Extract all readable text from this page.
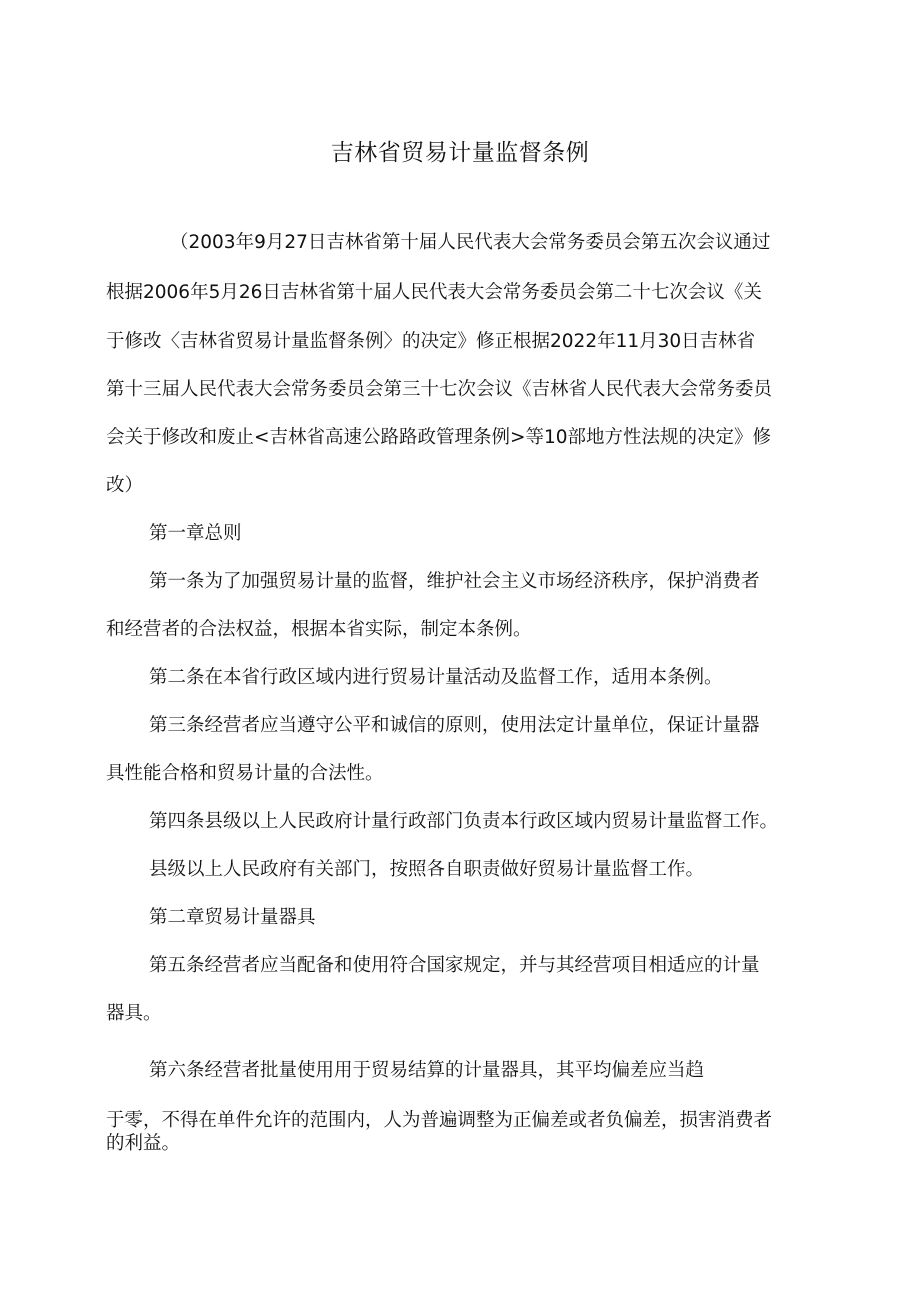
吉林省贸易计量监督条例
（2003年9月27日吉林省第十届人民代表大会常务委员会第五次会议通过
根据2006年5月26日吉林省第十届人民代表大会常务委员会第二十七次会议《关
于修改〈吉林省贸易计量监督条例〉的决定》修正根据2022年11月30日吉林省
第十三届人民代表大会常务委员会第三十七次会议《吉林省人民代表大会常务委员
会关于修改和废止<吉林省高速公路路政管理条例>等10部地方性法规的决定》修
改）
第一章总则
第一条为了加强贸易计量的监督，维护社会主义市场经济秩序，保护消费者
和经营者的合法权益，根据本省实际，制定本条例。
第二条在本省行政区域内进行贸易计量活动及监督工作，适用本条例。
第三条经营者应当遵守公平和诚信的原则，使用法定计量单位，保证计量器
具性能合格和贸易计量的合法性。
第四条县级以上人民政府计量行政部门负责本行政区域内贸易计量监督工作。
县级以上人民政府有关部门，按照各自职责做好贸易计量监督工作。
第二章贸易计量器具
第五条经营者应当配备和使用符合国家规定，并与其经营项目相适应的计量
器具。
第六条经营者批量使用用于贸易结算的计量器具，其平均偏差应当趋
于零，不得在单件允许的范围内，人为普遍调整为正偏差或者负偏差，损害消费者
的利益。
